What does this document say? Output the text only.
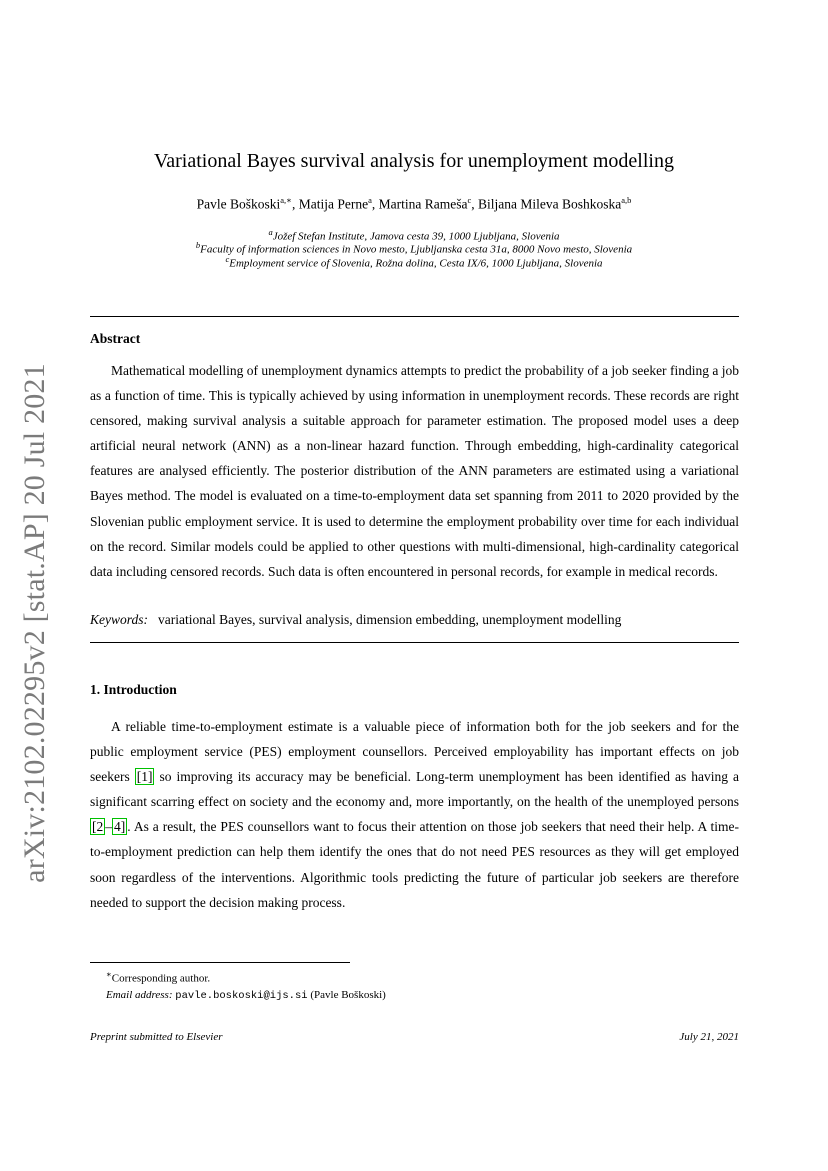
arXiv:2102.02295v2 [stat.AP] 20 Jul 2021
Variational Bayes survival analysis for unemployment modelling
Pavle Boškoski$^{a,∗}$, Matija Perne$^a$, Martina Rameša$^c$, Biljana Mileva Boshkoska$^{a,b}$
$^a$Jožef Stefan Institute, Jamova cesta 39, 1000 Ljubljana, Slovenia
$^b$Faculty of information sciences in Novo mesto, Ljubljanska cesta 31a, 8000 Novo mesto, Slovenia
$^c$Employment service of Slovenia, Rožna dolina, Cesta IX/6, 1000 Ljubljana, Slovenia
Abstract

Mathematical modelling of unemployment dynamics attempts to predict the probability of a job seeker finding a job as a function of time. This is typically achieved by using information in unemployment records. These records are right censored, making survival analysis a suitable approach for parameter estimation. The proposed model uses a deep artificial neural network (ANN) as a non-linear hazard function. Through embedding, high-cardinality categorical features are analysed efficiently. The posterior distribution of the ANN parameters are estimated using a variational Bayes method. The model is evaluated on a time-to-employment data set spanning from 2011 to 2020 provided by the Slovenian public employment service. It is used to determine the employment probability over time for each individual on the record. Similar models could be applied to other questions with multi-dimensional, high-cardinality categorical data including censored records. Such data is often encountered in personal records, for example in medical records.

Keywords: variational Bayes, survival analysis, dimension embedding, unemployment modelling
1. Introduction

A reliable time-to-employment estimate is a valuable piece of information both for the job seekers and for the public employment service (PES) employment counsellors. Perceived employability has important effects on job seekers [1] so improving its accuracy may be beneficial. Long-term unemployment has been identified as having a significant scarring effect on society and the economy and, more importantly, on the health of the unemployed persons [2 – 4] . As a result, the PES counsellors want to focus their attention on those job seekers that need their help. A time-to-employment prediction can help them identify the ones that do not need PES resources as they will get employed soon regardless of the interventions. Algorithmic tools predicting the future of particular job seekers are therefore needed to support the decision making process.

∗Corresponding author.
Email address: pavle.boskoski@ijs.si (Pavle Boškoski)
Preprint submitted to Elsevier	July 21, 2021
